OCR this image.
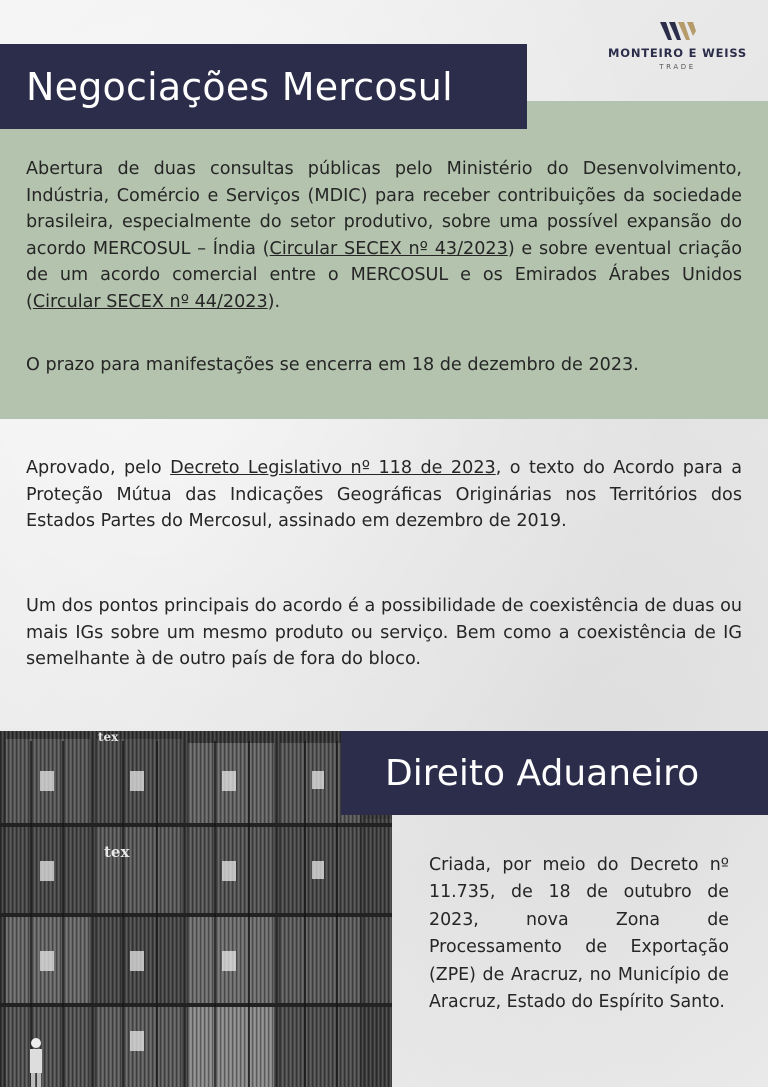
MONTEIRO E WEISS
TRADE
Negociações Mercosul

Abertura de duas consultas públicas pelo Ministério do Desenvolvimento, Indústria, Comércio e Serviços (MDIC) para receber contribuições da sociedade brasileira, especialmente do setor produtivo, sobre uma possível expansão do acordo MERCOSUL – Índia (Circular SECEX nº 43/2023) e sobre eventual criação de um acordo comercial entre o MERCOSUL e os Emirados Árabes Unidos (Circular SECEX nº 44/2023).

O prazo para manifestações se encerra em 18 de dezembro de 2023.

Aprovado, pelo Decreto Legislativo nº 118 de 2023, o texto do Acordo para a Proteção Mútua das Indicações Geográficas Originárias nos Territórios dos Estados Partes do Mercosul, assinado em dezembro de 2019.

Um dos pontos principais do acordo é a possibilidade de coexistência de duas ou mais IGs sobre um mesmo produto ou serviço. Bem como a coexistência de IG semelhante à de outro país de fora do bloco.

tex
tex
Direito Aduaneiro

Criada, por meio do Decreto nº 11.735, de 18 de outubro de 2023, nova Zona de Processamento de Exportação (ZPE) de Aracruz, no Município de Aracruz, Estado do Espírito Santo.
